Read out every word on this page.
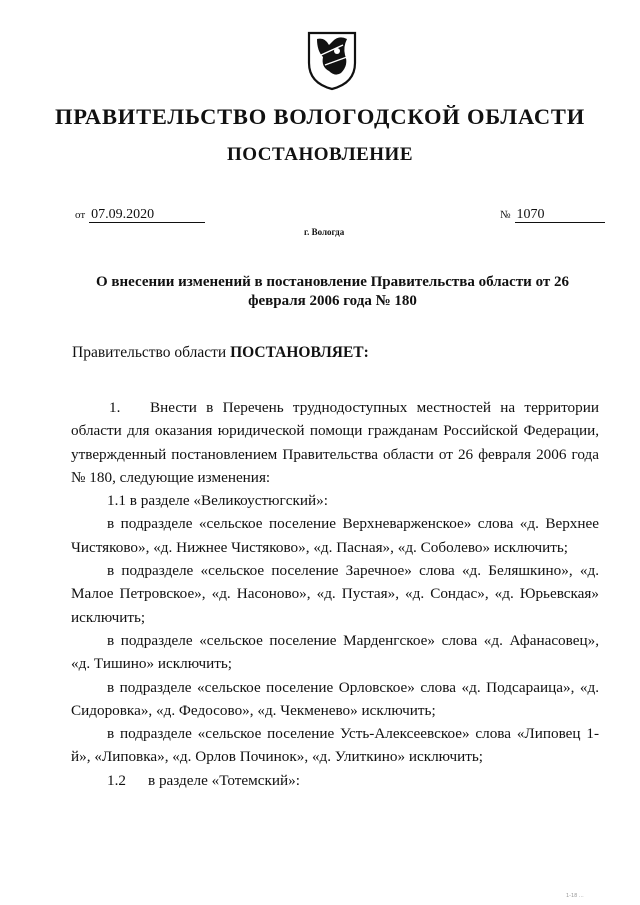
ПРАВИТЕЛЬСТВО ВОЛОГОДСКОЙ ОБЛАСТИ
ПОСТАНОВЛЕНИЕ
от 07.09.2020	№ 1070
г. Вологда
О внесении изменений в постановление Правительства области от 26 февраля 2006 года № 180
Правительство области ПОСТАНОВЛЯЕТ:

1. Внести в Перечень труднодоступных местностей на территории области для оказания юридической помощи гражданам Российской Федерации, утвержденный постановлением Правительства области от 26 февраля 2006 года № 180, следующие изменения:

1.1 в разделе «Великоустюгский»:

в подразделе «сельское поселение Верхневарженское» слова «д. Верхнее Чистяково», «д. Нижнее Чистяково», «д. Пасная», «д. Соболево» исключить;

в подразделе «сельское поселение Заречное» слова «д. Беляшкино», «д. Малое Петровское», «д. Насоново», «д. Пустая», «д. Сондас», «д. Юрьевская» исключить;

в подразделе «сельское поселение Марденгское» слова «д. Афанасовец», «д. Тишино» исключить;

в подразделе «сельское поселение Орловское» слова «д. Подсараица», «д. Сидоровка», «д. Федосово», «д. Чекменево» исключить;

в подразделе «сельское поселение Усть-Алексеевское» слова «Липовец 1-й», «Липовка», «д. Орлов Починок», «д. Улиткино» исключить;

1.2 в разделе «Тотемский»:

1-18 ...
